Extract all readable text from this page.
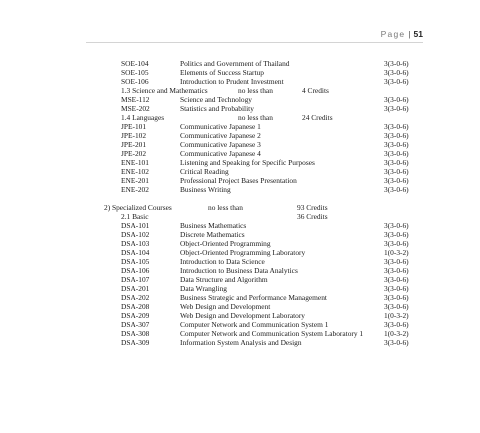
Page | 51
SOE-104	Politics and Government of Thailand	3(3-0-6)
SOE-105	Elements of Success Startup	3(3-0-6)
SOE-106	Introduction to Prudent Investment	3(3-0-6)
1.3 Science and Mathematics	no less than	4 Credits
MSE-112	Science and Technology	3(3-0-6)
MSE-202	Statistics and Probability	3(3-0-6)
1.4 Languages	no less than	24 Credits
JPE-101	Communicative Japanese 1	3(3-0-6)
JPE-102	Communicative Japanese 2	3(3-0-6)
JPE-201	Communicative Japanese 3	3(3-0-6)
JPE-202	Communicative Japanese 4	3(3-0-6)
ENE-101	Listening and Speaking for Specific Purposes	3(3-0-6)
ENE-102	Critical Reading	3(3-0-6)
ENE-201	Professional Project Bases Presentation	3(3-0-6)
ENE-202	Business Writing	3(3-0-6)
2) Specialized Courses	no less than	93 Credits
2.1 Basic	36 Credits
DSA-101	Business Mathematics	3(3-0-6)
DSA-102	Discrete Mathematics	3(3-0-6)
DSA-103	Object-Oriented Programming	3(3-0-6)
DSA-104	Object-Oriented Programming Laboratory	1(0-3-2)
DSA-105	Introduction to Data Science	3(3-0-6)
DSA-106	Introduction to Business Data Analytics	3(3-0-6)
DSA-107	Data Structure and Algorithm	3(3-0-6)
DSA-201	Data Wrangling	3(3-0-6)
DSA-202	Business Strategic and Performance Management	3(3-0-6)
DSA-208	Web Design and Development	3(3-0-6)
DSA-209	Web Design and Development Laboratory	1(0-3-2)
DSA-307	Computer Network and Communication System 1	3(3-0-6)
DSA-308	Computer Network and Communication System Laboratory 1	1(0-3-2)
DSA-309	Information System Analysis and Design	3(3-0-6)
